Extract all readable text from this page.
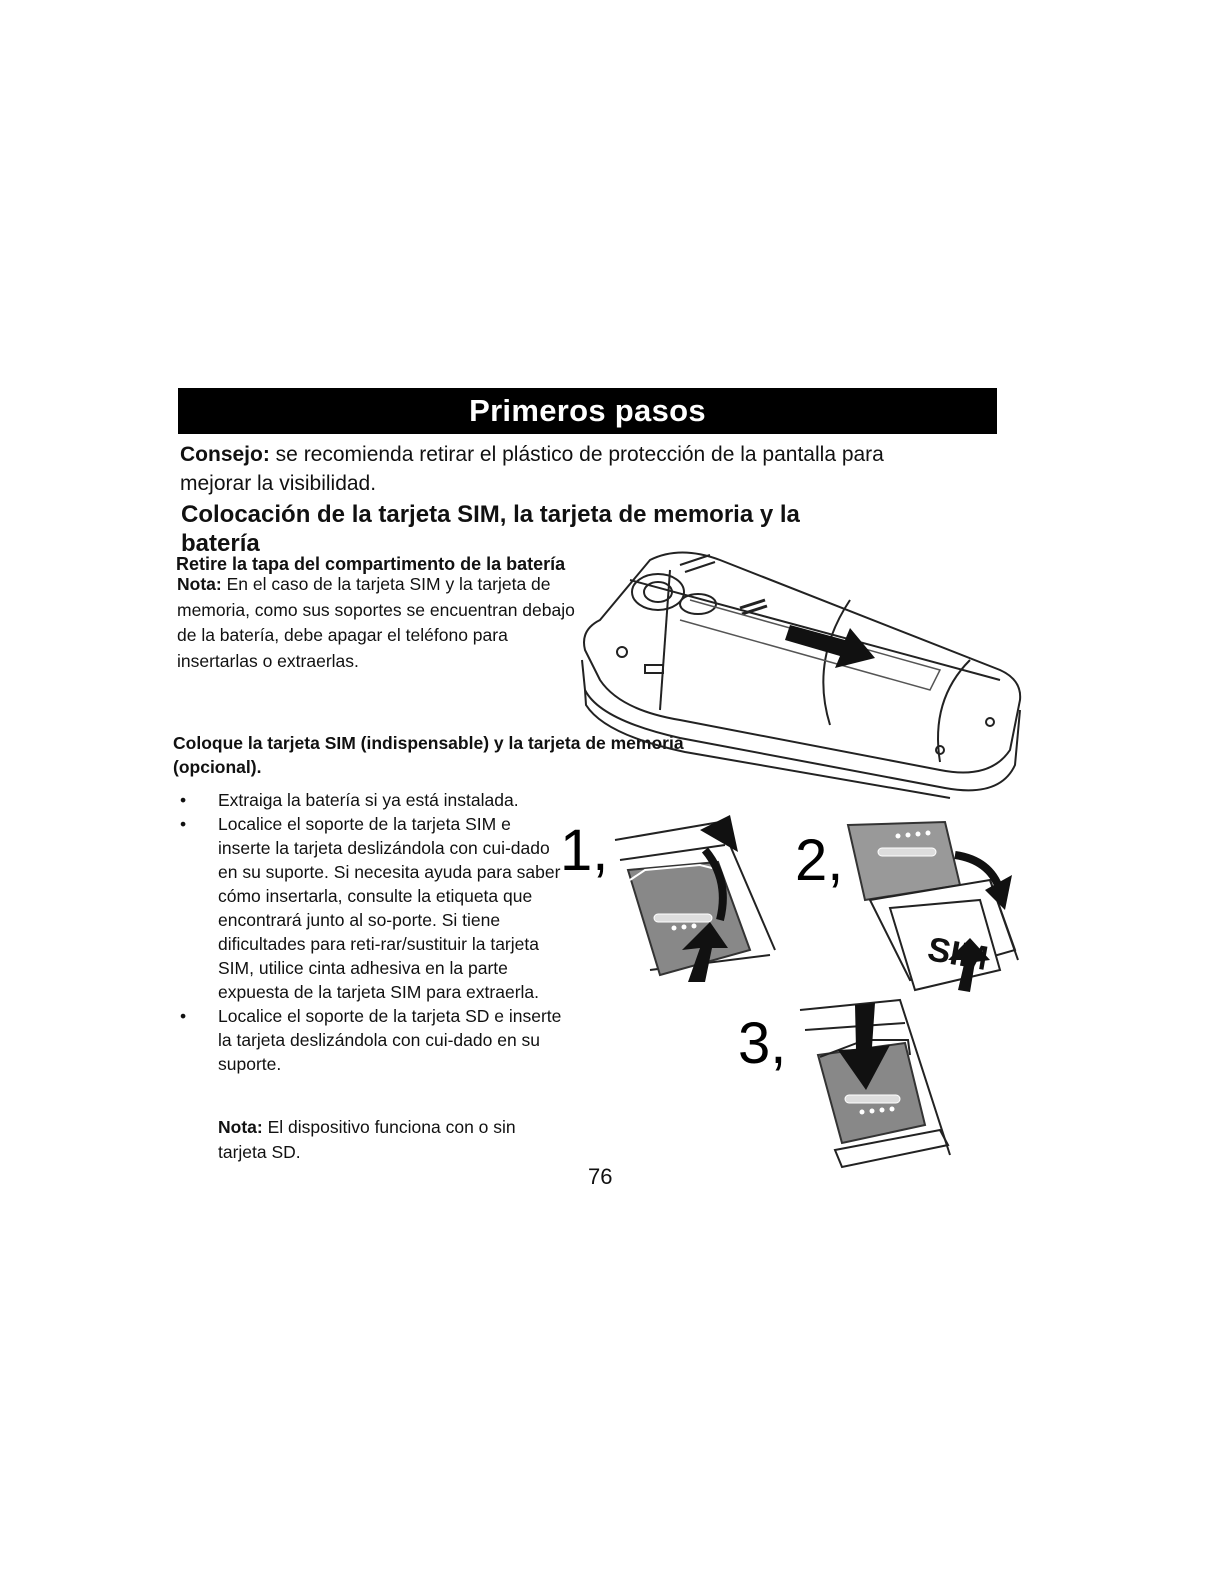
Primeros pasos
Consejo: se recomienda retirar el plástico de protección de la pantalla para mejorar la visibilidad.
Colocación de la tarjeta SIM, la tarjeta de memoria y la batería
Retire la tapa del compartimento de la batería
Nota: En el caso de la tarjeta SIM y la tarjeta de memoria, como sus soportes se encuentran debajo de la batería, debe apagar el teléfono para insertarlas o extraerlas.
Coloque la tarjeta SIM (indispensable) y la tarjeta de memoria (opcional).
• Extraiga la batería si ya está instalada.
• Localice el soporte de la tarjeta SIM e inserte la tarjeta deslizándola con cui-dado en su suporte. Si necesita ayuda para saber cómo insertarla, consulte la etiqueta que encontrará junto al so-porte. Si tiene dificultades para reti-rar/sustituir la tarjeta SIM, utilice cinta adhesiva en la parte expuesta de la tarjeta SIM para extraerla.
• Localice el soporte de la tarjeta SD e inserte la tarjeta deslizándola con cui-dado en su suporte.
Nota: El dispositivo funciona con o sin tarjeta SD.
76
1,	2,
3,
